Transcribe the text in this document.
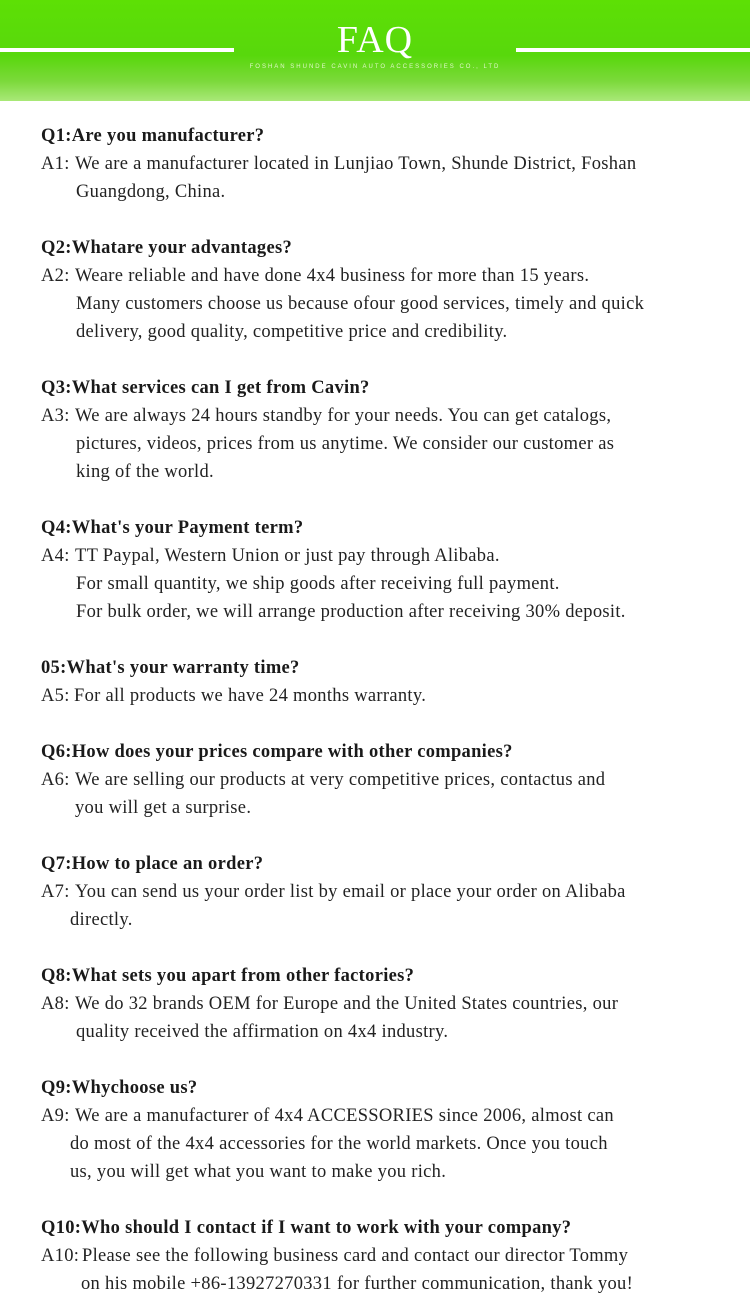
FAQ
FOSHAN SHUNDE CAVIN AUTO ACCESSORIES CO., LTD
Q1:Are you manufacturer?
A1: We are a manufacturer located in Lunjiao Town, Shunde District, Foshan
Guangdong, China.
Q2:Whatare your advantages?
A2: Weare reliable and have done 4x4 business for more than 15 years.
Many customers choose us because ofour good services, timely and quick
delivery, good quality, competitive price and credibility.
Q3:What services can I get from Cavin?
A3: We are always 24 hours standby for your needs. You can get catalogs,
pictures, videos, prices from us anytime. We consider our customer as
king of the world.
Q4:What's your Payment term?
A4: TT Paypal, Western Union or just pay through Alibaba.
For small quantity, we ship goods after receiving full payment.
For bulk order, we will arrange production after receiving 30% deposit.
05:What's your warranty time?
A5: For all products we have 24 months warranty.
Q6:How does your prices compare with other companies?
A6: We are selling our products at very competitive prices, contactus and
you will get a surprise.
Q7:How to place an order?
A7: You can send us your order list by email or place your order on Alibaba
directly.
Q8:What sets you apart from other factories?
A8: We do 32 brands OEM for Europe and the United States countries, our
quality received the affirmation on 4x4 industry.
Q9:Whychoose us?
A9: We are a manufacturer of 4x4 ACCESSORIES since 2006, almost can
do most of the 4x4 accessories for the world markets. Once you touch
us, you will get what you want to make you rich.
Q10:Who should I contact if I want to work with your company?
A10: Please see the following business card and contact our director Tommy
on his mobile +86-13927270331 for further communication, thank you!
